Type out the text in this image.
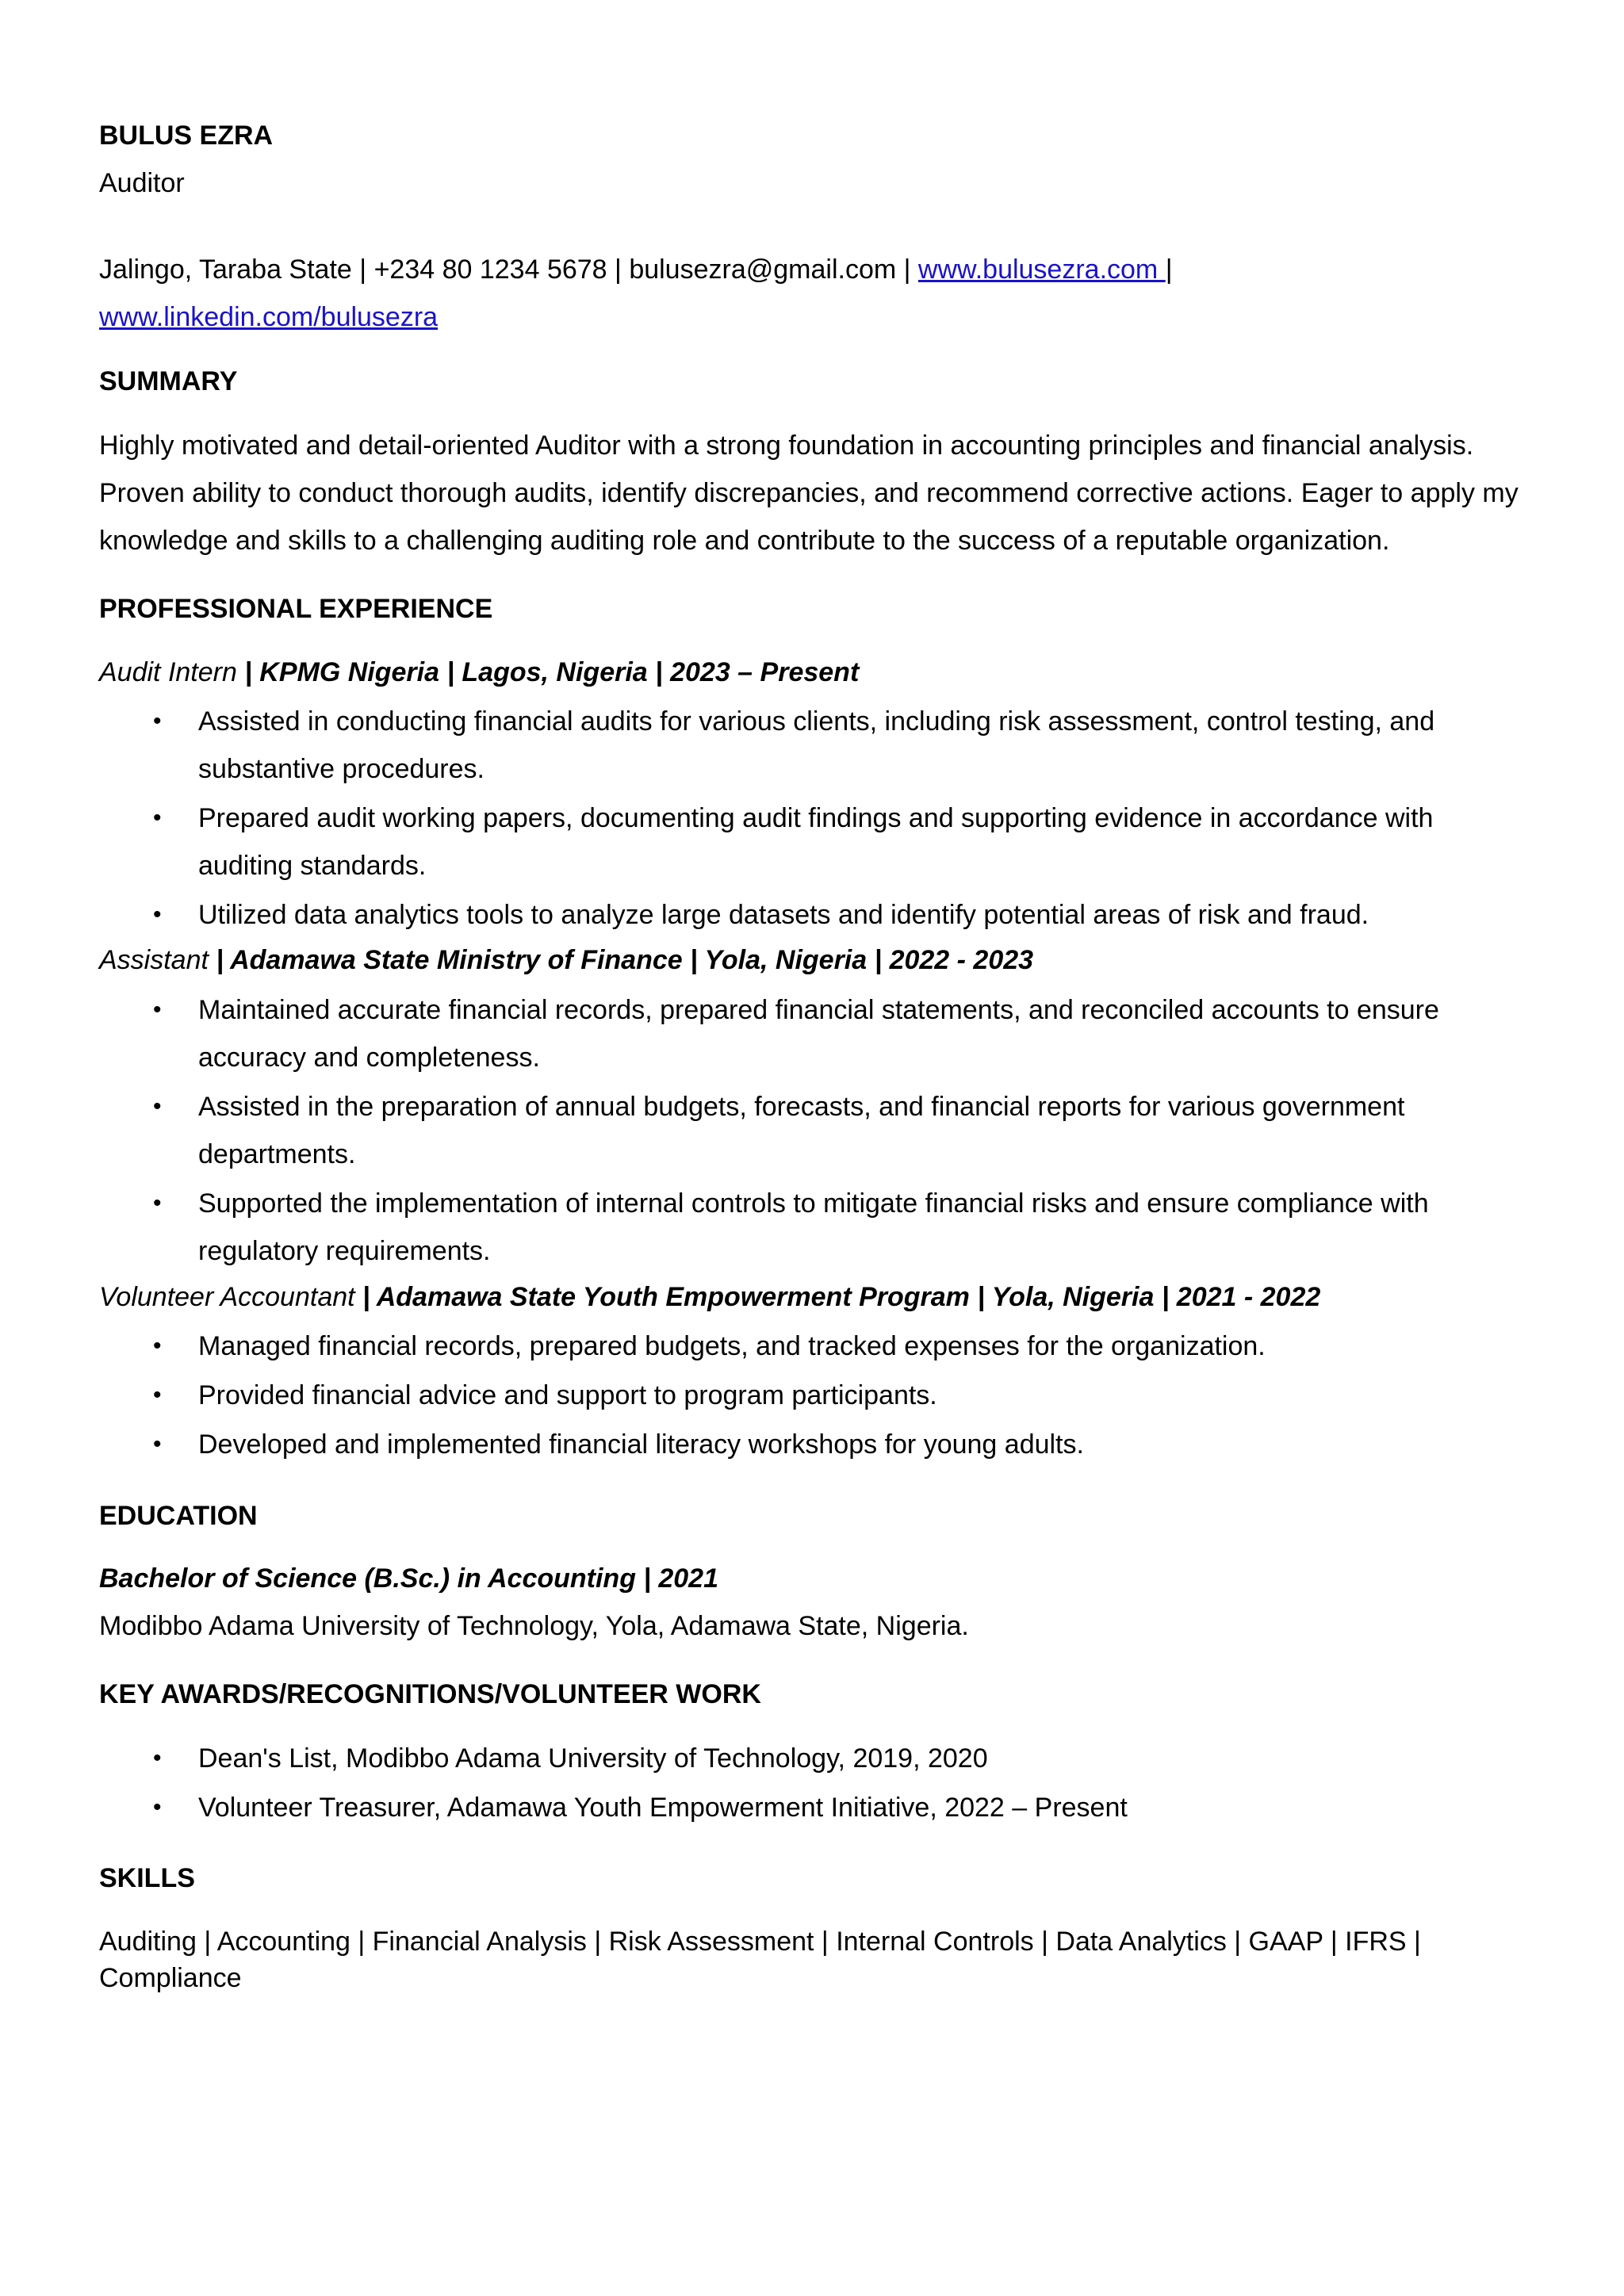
BULUS EZRA
Auditor
Jalingo, Taraba State | +234 80 1234 5678 | bulusezra@gmail.com | www.bulusezra.com |
www.linkedin.com/bulusezra
SUMMARY
Highly motivated and detail-oriented Auditor with a strong foundation in accounting principles and financial analysis. Proven ability to conduct thorough audits, identify discrepancies, and recommend corrective actions. Eager to apply my knowledge and skills to a challenging auditing role and contribute to the success of a reputable organization.
PROFESSIONAL EXPERIENCE
Audit Intern | KPMG Nigeria | Lagos, Nigeria | 2023 – Present
• Assisted in conducting financial audits for various clients, including risk assessment, control testing, and substantive procedures.
• Prepared audit working papers, documenting audit findings and supporting evidence in accordance with auditing standards.
• Utilized data analytics tools to analyze large datasets and identify potential areas of risk and fraud.
Assistant | Adamawa State Ministry of Finance | Yola, Nigeria | 2022 - 2023
• Maintained accurate financial records, prepared financial statements, and reconciled accounts to ensure accuracy and completeness.
• Assisted in the preparation of annual budgets, forecasts, and financial reports for various government departments.
• Supported the implementation of internal controls to mitigate financial risks and ensure compliance with regulatory requirements.
Volunteer Accountant | Adamawa State Youth Empowerment Program | Yola, Nigeria | 2021 - 2022
• Managed financial records, prepared budgets, and tracked expenses for the organization.
• Provided financial advice and support to program participants.
• Developed and implemented financial literacy workshops for young adults.
EDUCATION
Bachelor of Science (B.Sc.) in Accounting | 2021
Modibbo Adama University of Technology, Yola, Adamawa State, Nigeria.
KEY AWARDS/RECOGNITIONS/VOLUNTEER WORK
• Dean's List, Modibbo Adama University of Technology, 2019, 2020
• Volunteer Treasurer, Adamawa Youth Empowerment Initiative, 2022 – Present
SKILLS
Auditing | Accounting | Financial Analysis | Risk Assessment | Internal Controls | Data Analytics | GAAP | IFRS | Compliance
